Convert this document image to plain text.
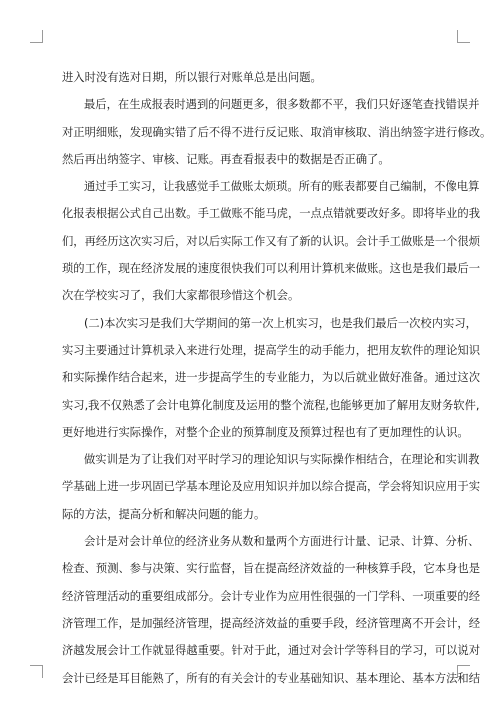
进入时没有选对日期，所以银行对账单总是出问题。
最后，在生成报表时遇到的问题更多，很多数都不平，我们只好逐笔查找错误并
对正明细账，发现确实错了后不得不进行反记账、取消审核取、消出纳签字进行修改。
然后再出纳签字、审核、记账。再查看报表中的数据是否正确了。
通过手工实习，让我感觉手工做账太烦琐。所有的账表都要自己编制，不像电算
化报表根据公式自己出数。手工做账不能马虎，一点点错就要改好多。即将毕业的我
们，再经历这次实习后，对以后实际工作又有了新的认识。会计手工做账是一个很烦
琐的工作，现在经济发展的速度很快我们可以利用计算机来做账。这也是我们最后一
次在学校实习了，我们大家都很珍惜这个机会。
(二)本次实习是我们大学期间的第一次上机实习，也是我们最后一次校内实习，
实习主要通过计算机录入来进行处理，提高学生的动手能力，把用友软件的理论知识
和实际操作结合起来，进一步提高学生的专业能力，为以后就业做好准备。通过这次
实习,我不仅熟悉了会计电算化制度及运用的整个流程,也能够更加了解用友财务软件,
更好地进行实际操作，对整个企业的预算制度及预算过程也有了更加理性的认识。
做实训是为了让我们对平时学习的理论知识与实际操作相结合，在理论和实训教
学基础上进一步巩固已学基本理论及应用知识并加以综合提高，学会将知识应用于实
际的方法，提高分析和解决问题的能力。
会计是对会计单位的经济业务从数和量两个方面进行计量、记录、计算、分析、
检查、预测、参与决策、实行监督，旨在提高经济效益的一种核算手段，它本身也是
经济管理活动的重要组成部分。会计专业作为应用性很强的一门学科、一项重要的经
济管理工作，是加强经济管理，提高经济效益的重要手段，经济管理离不开会计，经
济越发展会计工作就显得越重要。针对于此，通过对会计学等科目的学习，可以说对
会计已经是耳目能熟了，所有的有关会计的专业基础知识、基本理论、基本方法和结
